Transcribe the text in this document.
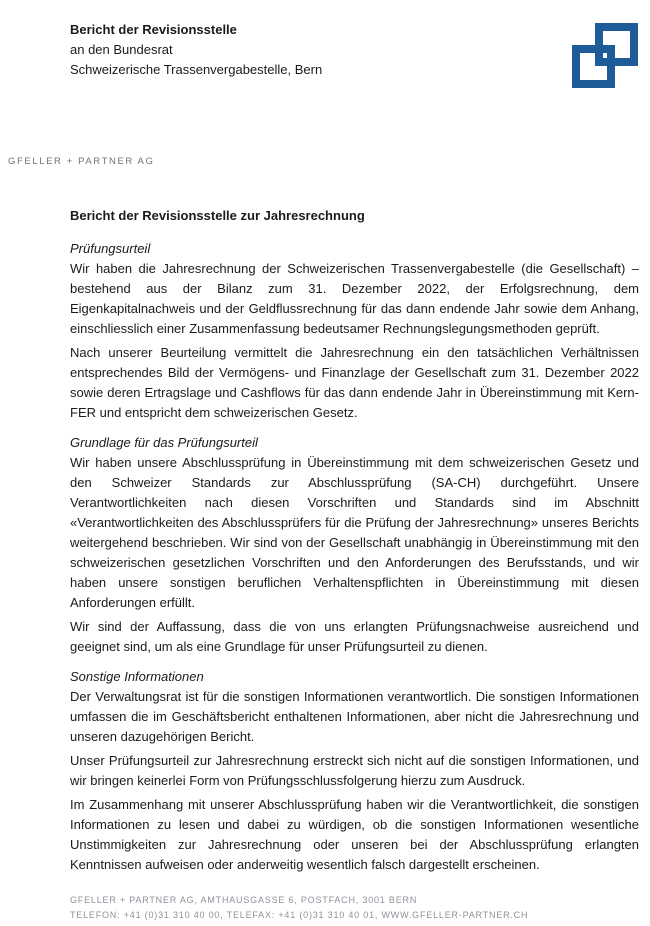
Bericht der Revisionsstelle
an den Bundesrat
Schweizerische Trassenvergabestelle, Bern
GFELLER + PARTNER AG
Bericht der Revisionsstelle zur Jahresrechnung
Prüfungsurteil

Wir haben die Jahresrechnung der Schweizerischen Trassenvergabestelle (die Gesellschaft) – bestehend aus der Bilanz zum 31. Dezember 2022, der Erfolgsrechnung, dem Eigenkapitalnachweis und der Geldflussrechnung für das dann endende Jahr sowie dem Anhang, einschliesslich einer Zusammenfassung bedeutsamer Rechnungslegungsmethoden geprüft.

Nach unserer Beurteilung vermittelt die Jahresrechnung ein den tatsächlichen Verhältnissen entsprechendes Bild der Vermögens- und Finanzlage der Gesellschaft zum 31. Dezember 2022 sowie deren Ertragslage und Cashflows für das dann endende Jahr in Übereinstimmung mit Kern-FER und entspricht dem schweizerischen Gesetz.

Grundlage für das Prüfungsurteil

Wir haben unsere Abschlussprüfung in Übereinstimmung mit dem schweizerischen Gesetz und den Schweizer Standards zur Abschlussprüfung (SA-CH) durchgeführt. Unsere Verantwortlichkeiten nach diesen Vorschriften und Standards sind im Abschnitt «Verantwortlichkeiten des Abschlussprüfers für die Prüfung der Jahresrechnung» unseres Berichts weitergehend beschrieben. Wir sind von der Gesellschaft unabhängig in Übereinstimmung mit den schweizerischen gesetzlichen Vorschriften und den Anforderungen des Berufsstands, und wir haben unsere sonstigen beruflichen Verhaltenspflichten in Übereinstimmung mit diesen Anforderungen erfüllt.

Wir sind der Auffassung, dass die von uns erlangten Prüfungsnachweise ausreichend und geeignet sind, um als eine Grundlage für unser Prüfungsurteil zu dienen.

Sonstige Informationen

Der Verwaltungsrat ist für die sonstigen Informationen verantwortlich. Die sonstigen Informationen umfassen die im Geschäftsbericht enthaltenen Informationen, aber nicht die Jahresrechnung und unseren dazugehörigen Bericht.

Unser Prüfungsurteil zur Jahresrechnung erstreckt sich nicht auf die sonstigen Informationen, und wir bringen keinerlei Form von Prüfungsschlussfolgerung hierzu zum Ausdruck.

Im Zusammenhang mit unserer Abschlussprüfung haben wir die Verantwortlichkeit, die sonstigen Informationen zu lesen und dabei zu würdigen, ob die sonstigen Informationen wesentliche Unstimmigkeiten zur Jahresrechnung oder unseren bei der Abschlussprüfung erlangten Kenntnissen aufweisen oder anderweitig wesentlich falsch dargestellt erscheinen.

GFELLER + PARTNER AG, AMTHAUSGASSE 6, POSTFACH, 3001 BERN
TELEFON: +41 (0)31 310 40 00, TELEFAX: +41 (0)31 310 40 01, WWW.GFELLER-PARTNER.CH
